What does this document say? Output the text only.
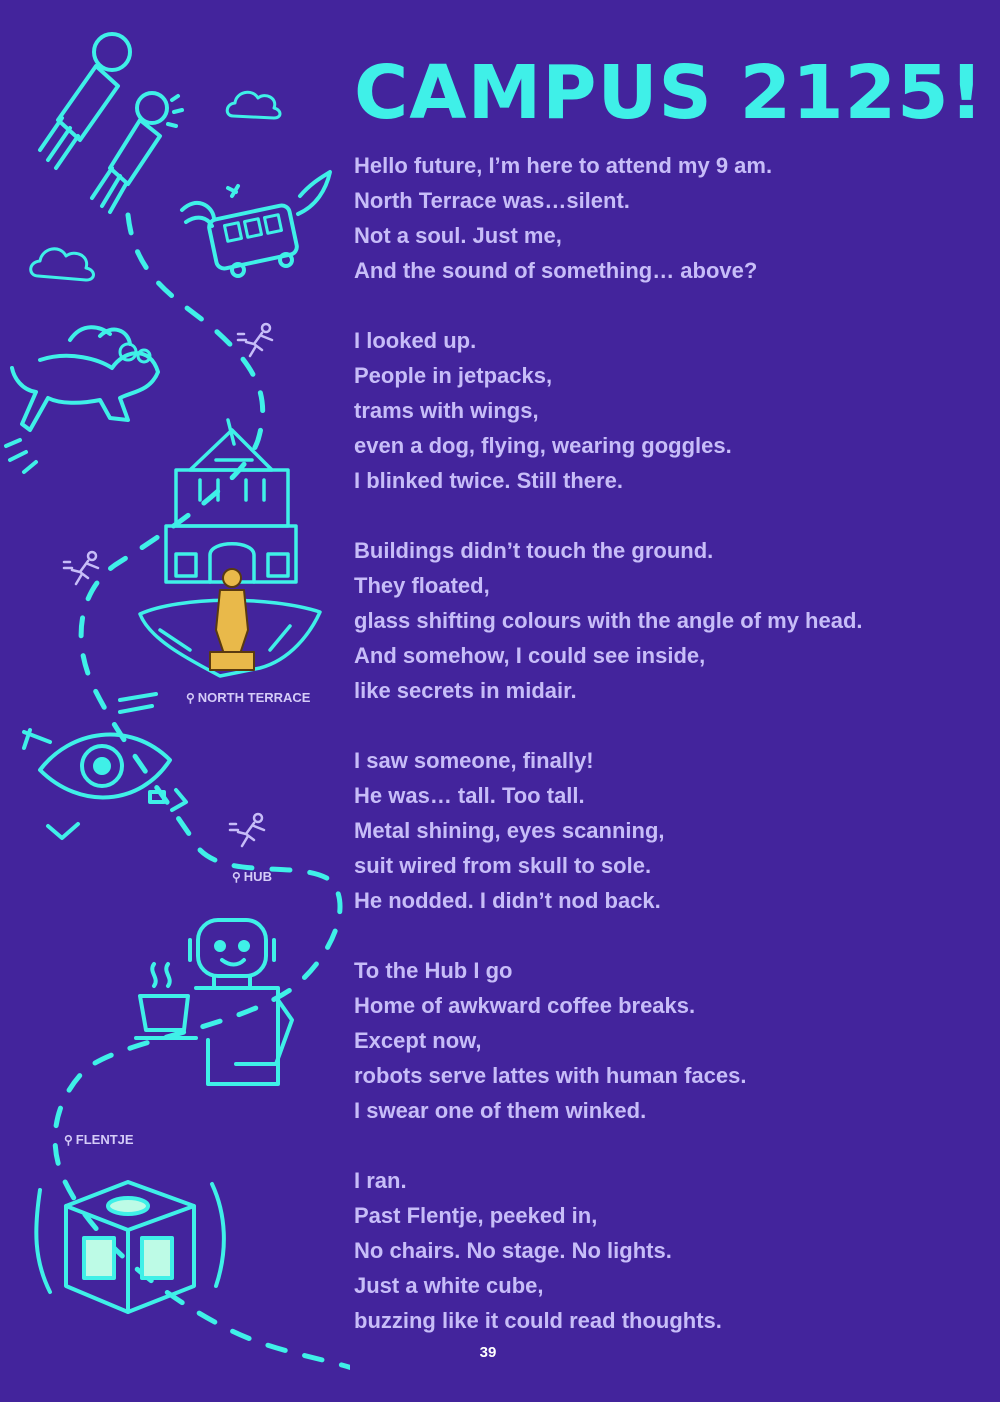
CAMPUS 2125!
Hello future, I’m here to attend my 9 am.
North Terrace was…silent.
Not a soul. Just me,
And the sound of something… above?
I looked up.
People in jetpacks,
trams with wings,
even a dog, flying, wearing goggles.
I blinked twice. Still there.
Buildings didn’t touch the ground.
They floated,
glass shifting colours with the angle of my head.
And somehow, I could see inside,
like secrets in midair.
I saw someone, finally!
He was… tall. Too tall.
Metal shining, eyes scanning,
suit wired from skull to sole.
He nodded. I didn’t nod back.
To the Hub I go
Home of awkward coffee breaks.
Except now,
robots serve lattes with human faces.
I swear one of them winked.
I ran.
Past Flentje, peeked in,
No chairs. No stage. No lights.
Just a white cube,
buzzing like it could read thoughts.
⚲ NORTH TERRACE
⚲ HUB
⚲ FLENTJE
39
